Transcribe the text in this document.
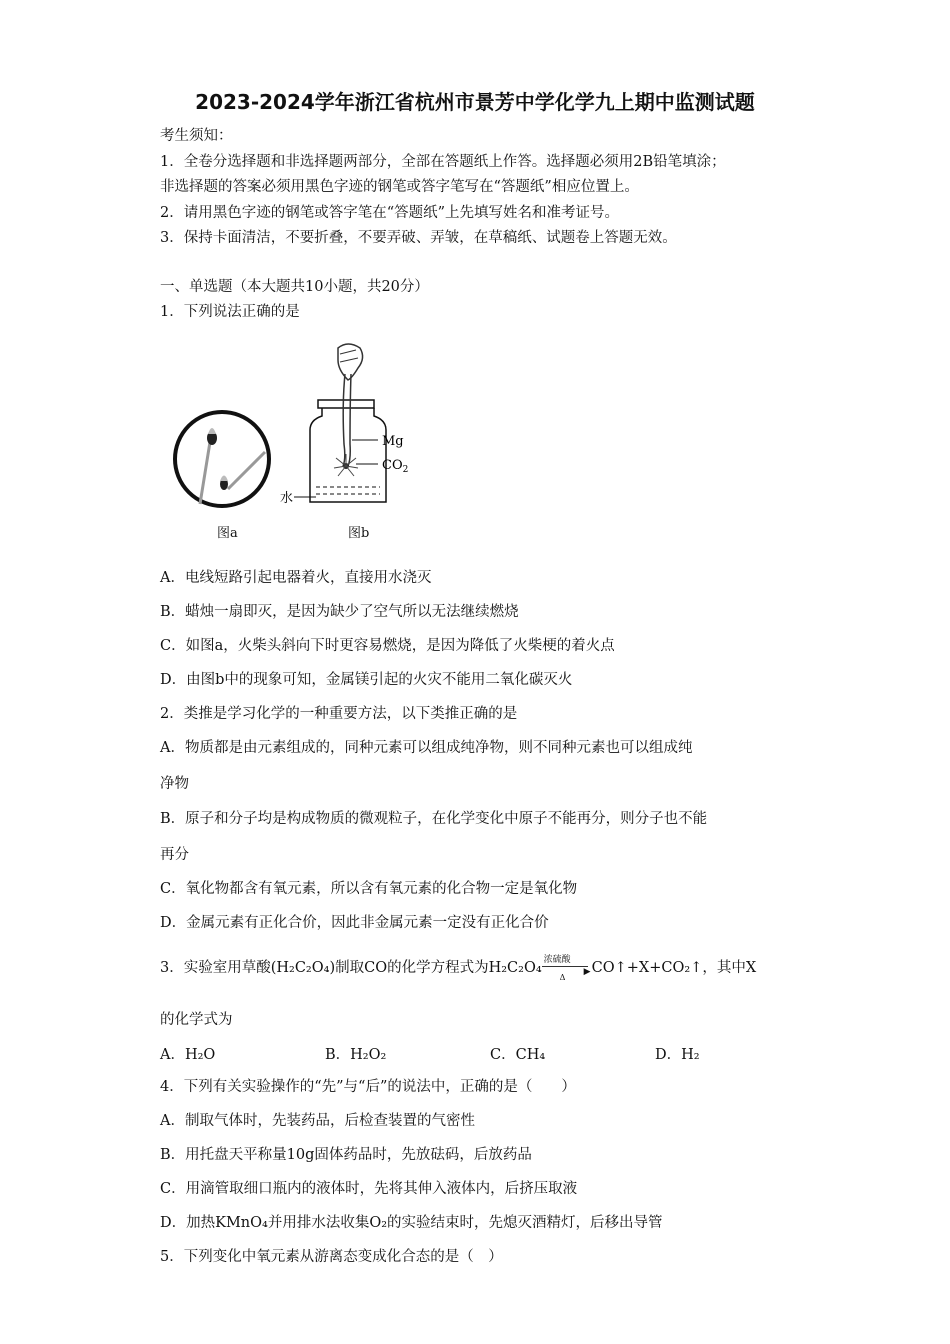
2023-2024学年浙江省杭州市景芳中学化学九上期中监测试题
考生须知：
1．全卷分选择题和非选择题两部分，全部在答题纸上作答。选择题必须用2B铅笔填涂；
非选择题的答案必须用黑色字迹的钢笔或答字笔写在“答题纸”相应位置上。
2．请用黑色字迹的钢笔或答字笔在“答题纸”上先填写姓名和准考证号。
3．保持卡面清洁，不要折叠，不要弄破、弄皱，在草稿纸、试题卷上答题无效。
一、单选题（本大题共10小题，共20分）
1．下列说法正确的是
Mg
$CO_2$
水
图a	图b
A．电线短路引起电器着火，直接用水浇灭
B．蜡烛一扇即灭，是因为缺少了空气所以无法继续燃烧
C．如图a，火柴头斜向下时更容易燃烧，是因为降低了火柴梗的着火点
D．由图b中的现象可知，金属镁引起的火灾不能用二氧化碳灭火
2．类推是学习化学的一种重要方法，以下类推正确的是
A．物质都是由元素组成的，同种元素可以组成纯净物，则不同种元素也可以组成纯
净物
B．原子和分子均是构成物质的微观粒子，在化学变化中原子不能再分，则分子也不能
再分
C．氧化物都含有氧元素，所以含有氧元素的化合物一定是氧化物
D．金属元素有正化合价，因此非金属元素一定没有正化合价
3．实验室用草酸(H₂C₂O₄)制取CO的化学方程式为H₂C₂O₄ 浓硫酸
▶
Δ
CO↑+X+CO₂↑，其中X
的化学式为
A．H₂O	B．H₂O₂	C．CH₄	D．H₂
4．下列有关实验操作的“先”与“后”的说法中，正确的是（　　）
A．制取气体时，先装药品，后检查装置的气密性
B．用托盘天平称量10g固体药品时，先放砝码，后放药品
C．用滴管取细口瓶内的液体时，先将其伸入液体内，后挤压取液
D．加热KMnO₄并用排水法收集O₂的实验结束时，先熄灭酒精灯，后移出导管
5．下列变化中氧元素从游离态变成化合态的是（　）
